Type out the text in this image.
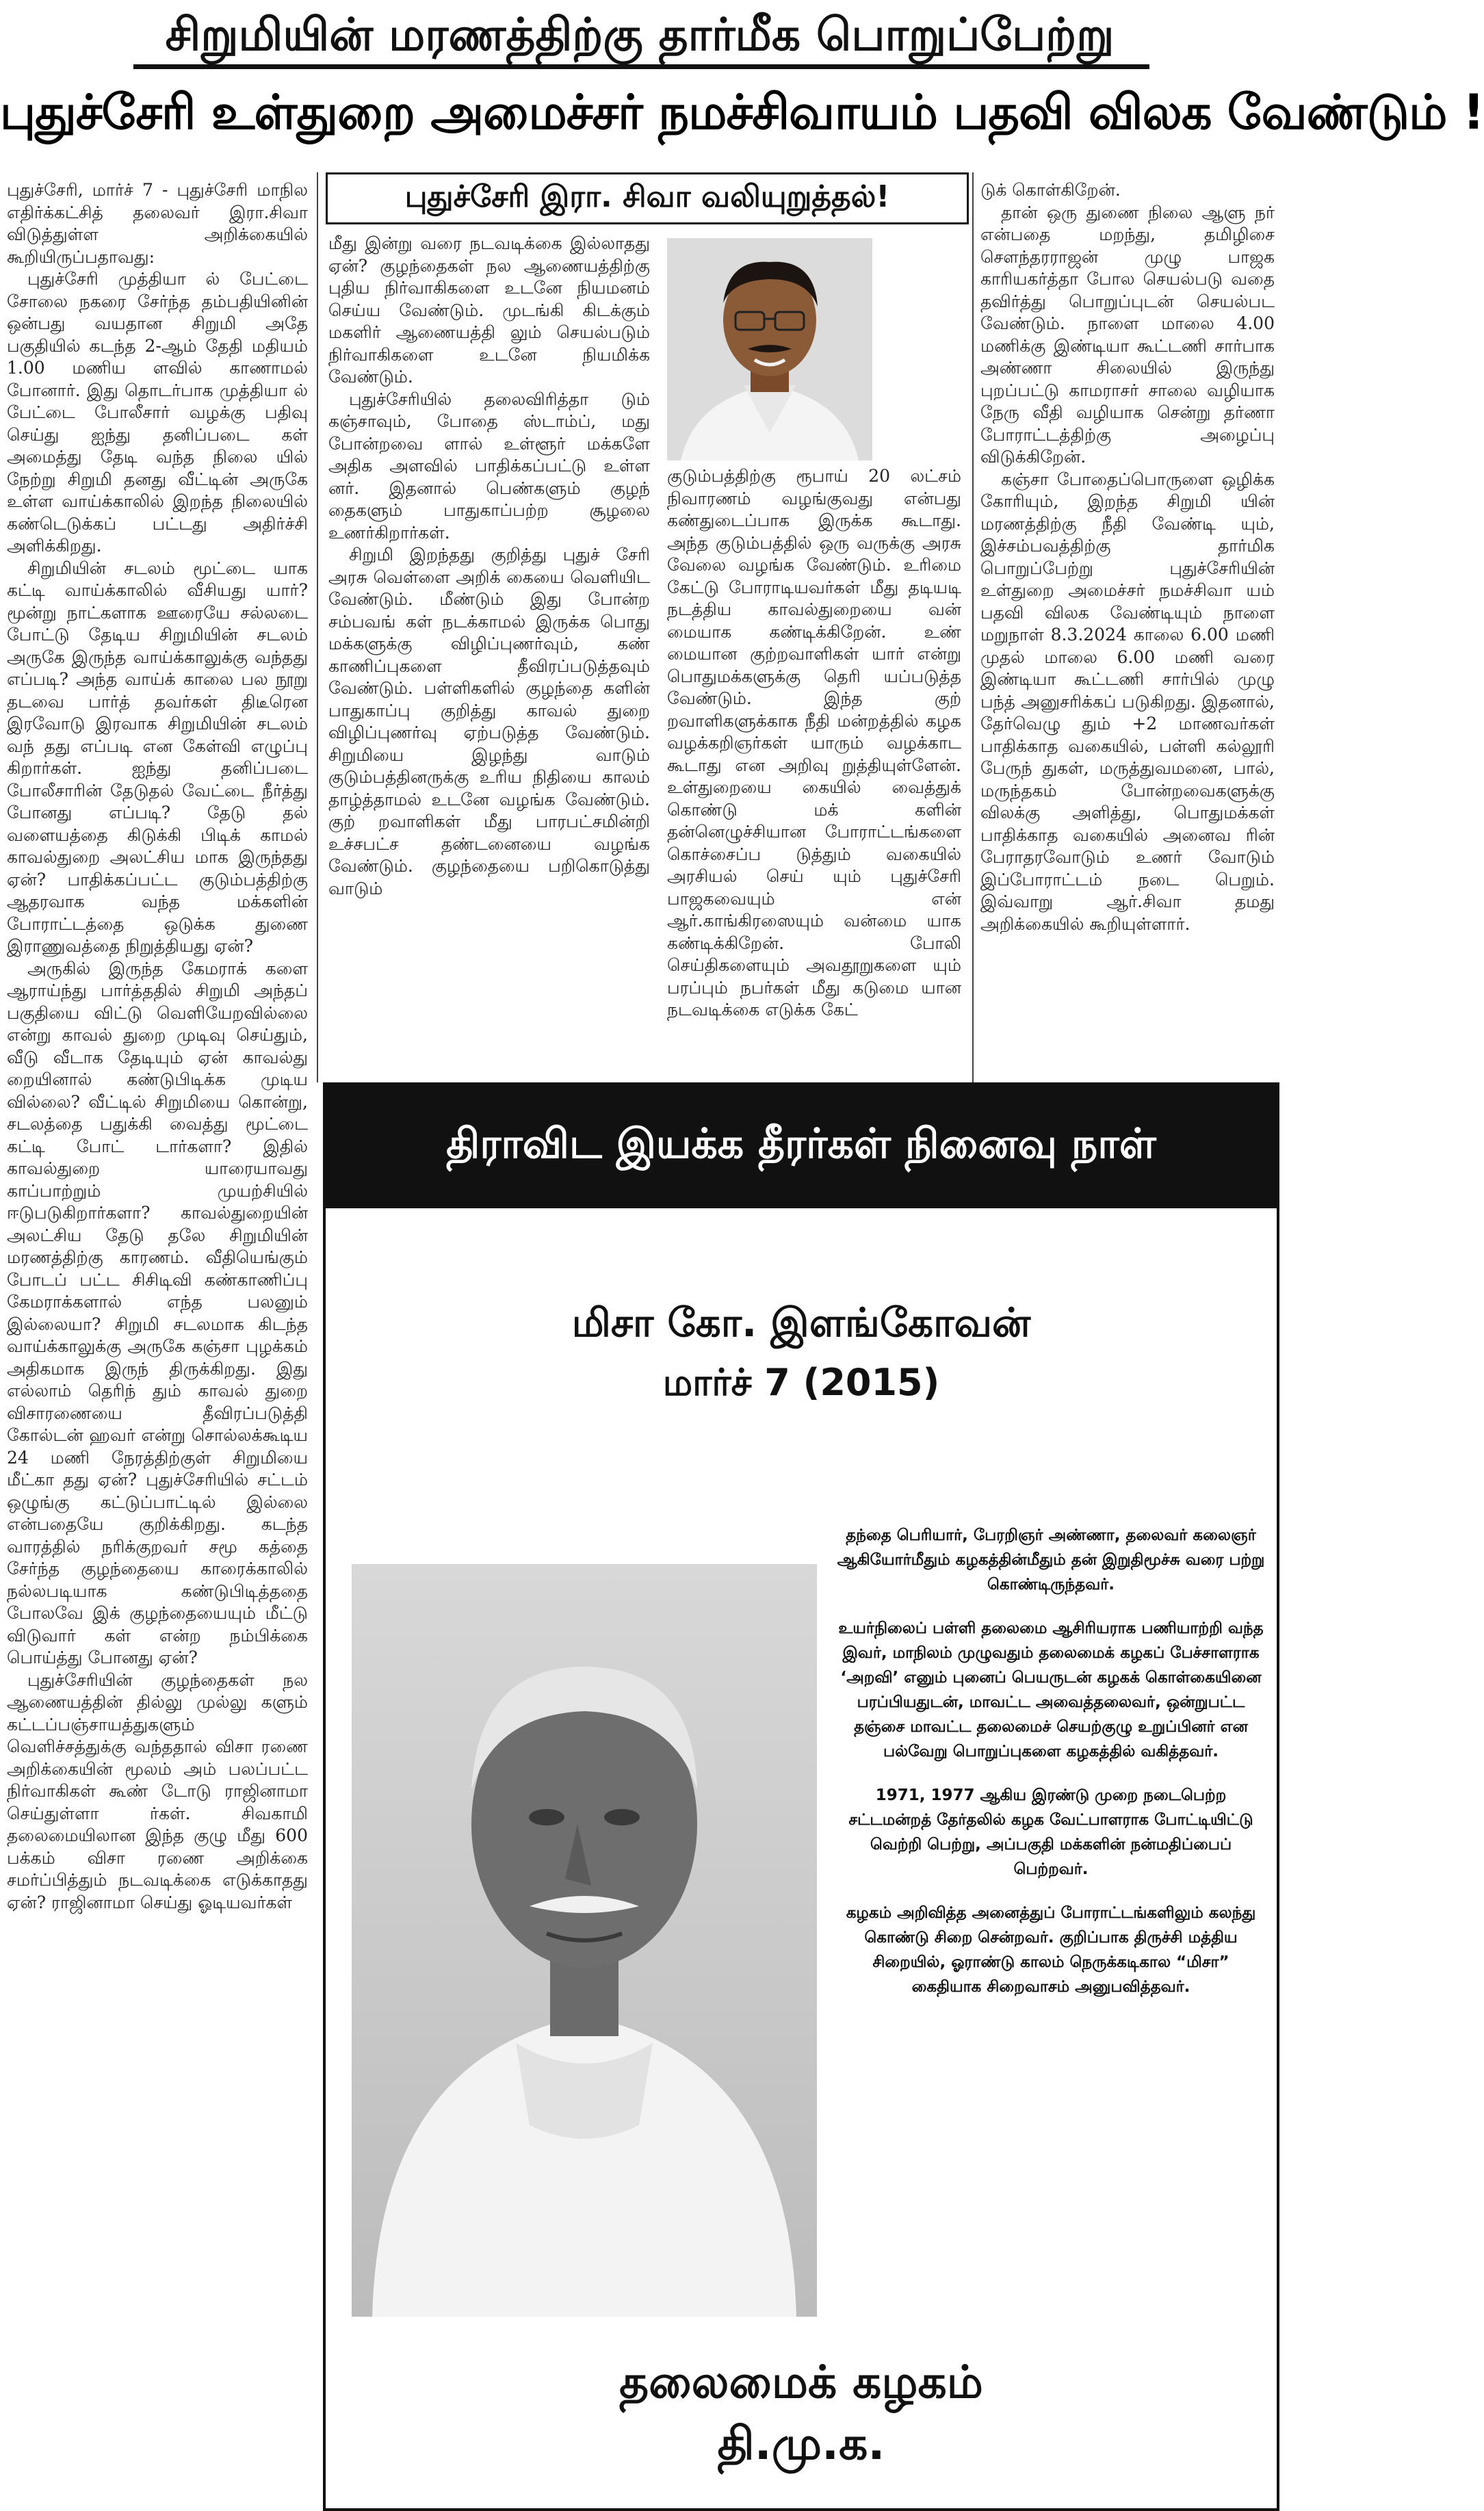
சிறுமியின் மரணத்திற்கு தார்மீக பொறுப்பேற்று
புதுச்சேரி உள்துறை அமைச்சர் நமச்சிவாயம் பதவி விலக வேண்டும் !
புதுச்சேரி இரா. சிவா வலியுறுத்தல்!

புதுச்சேரி, மார்ச் 7 - புதுச்சேரி மாநில எதிர்க்கட்சித் தலைவர் இரா.சிவா விடுத்துள்ள அறிக்கையில் கூறியிருப்பதாவது:

புதுச்சேரி முத்தியா ல் பேட்டை சோலை நகரை சேர்ந்த தம்பதியினின் ஒன்பது வயதான சிறுமி அதே பகுதியில் கடந்த 2-ஆம் தேதி மதியம் 1.00 மணிய ளவில் காணாமல் போனார். இது தொடர்பாக முத்தியா ல் பேட்டை போலீசார் வழக்கு பதிவு செய்து ஐந்து தனிப்படை கள் அமைத்து தேடி வந்த நிலை யில் நேற்று சிறுமி தனது வீட்டின் அருகே உள்ள வாய்க்காலில் இறந்த நிலையில் கண்டெடுக்கப் பட்டது அதிர்ச்சி அளிக்கிறது.

சிறுமியின் சடலம் மூட்டை யாக கட்டி வாய்க்காலில் வீசியது யார்? மூன்று நாட்களாக ஊரையே சல்லடை போட்டு தேடிய சிறுமியின் சடலம் அருகே இருந்த வாய்க்காலுக்கு வந்தது எப்படி? அந்த வாய்க் காலை பல நூறு தடவை பார்த் தவர்கள் திடீரென இரவோடு இரவாக சிறுமியின் சடலம் வந் தது எப்படி என கேள்வி எழுப்பு கிறார்கள். ஐந்து தனிப்படை போலீசாரின் தேடுதல் வேட்டை நீர்த்து போனது எப்படி? தேடு தல் வளையத்தை கிடுக்கி பிடிக் காமல் காவல்துறை அலட்சிய மாக இருந்தது ஏன்? பாதிக்கப்பட்ட குடும்பத்திற்கு ஆதரவாக வந்த மக்களின் போராட்டத்தை ஒடுக்க துணை இராணுவத்தை நிறுத்தியது ஏன்?

அருகில் இருந்த கேமராக் களை ஆராய்ந்து பார்த்ததில் சிறுமி அந்தப் பகுதியை விட்டு வெளியேறவில்லை என்று காவல் துறை முடிவு செய்தும், வீடு வீடாக தேடியும் ஏன் காவல்து றையினால் கண்டுபிடிக்க முடிய வில்லை? வீட்டில் சிறுமியை கொன்று, சடலத்தை பதுக்கி வைத்து மூட்டை கட்டி போட் டார்களா? இதில் காவல்துறை யாரையாவது காப்பாற்றும் முயற்சியில் ஈடுபடுகிறார்களா? காவல்துறையின் அலட்சிய தேடு தலே சிறுமியின் மரணத்திற்கு காரணம். வீதியெங்கும் போடப் பட்ட சிசிடிவி கண்காணிப்பு கேமராக்களால் எந்த பலனும் இல்லையா? சிறுமி சடலமாக கிடந்த வாய்க்காலுக்கு அருகே கஞ்சா புழக்கம் அதிகமாக இருந் திருக்கிறது. இது எல்லாம் தெரிந் தும் காவல் துறை விசாரணையை தீவிரப்படுத்தி கோல்டன் ஹவர் என்று சொல்லக்கூடிய 24 மணி நேரத்திற்குள் சிறுமியை மீட்கா தது ஏன்? புதுச்சேரியில் சட்டம் ஒழுங்கு கட்டுப்பாட்டில் இல்லை என்பதையே குறிக்கிறது. கடந்த வாரத்தில் நரிக்குறவர் சமூ கத்தை சேர்ந்த குழந்தையை காரைக்காலில் நல்லபடியாக கண்டுபிடித்ததை போலவே இக் குழந்தையையும் மீட்டு விடுவார் கள் என்ற நம்பிக்கை பொய்த்து போனது ஏன்?

புதுச்சேரியின் குழந்தைகள் நல ஆணையத்தின் தில்லு முல்லு களும் கட்டப்பஞ்சாயத்துகளும் வெளிச்சத்துக்கு வந்ததால் விசா ரணை அறிக்கையின் மூலம் அம் பலப்பட்ட நிர்வாகிகள் கூண் டோடு ராஜினாமா செய்துள்ளா ர்கள். சிவகாமி தலைமையிலான இந்த குழு மீது 600 பக்கம் விசா ரணை அறிக்கை சமர்ப்பித்தும் நடவடிக்கை எடுக்காதது ஏன்? ராஜினாமா செய்து ஓடியவர்கள்

மீது இன்று வரை நடவடிக்கை இல்லாதது ஏன்? குழந்தைகள் நல ஆணையத்திற்கு புதிய நிர்வாகிகளை உடனே நியமனம் செய்ய வேண்டும். முடங்கி கிடக்கும் மகளிர் ஆணையத்தி லும் செயல்படும் நிர்வாகிகளை உடனே நியமிக்க வேண்டும்.

புதுச்சேரியில் தலைவிரித்தா டும் கஞ்சாவும், போதை ஸ்டாம்ப், மது போன்றவை ளால் உள்ளூர் மக்களே அதிக அளவில் பாதிக்கப்பட்டு உள்ள னர். இதனால் பெண்களும் குழந் தைகளும் பாதுகாப்பற்ற சூழலை உணர்கிறார்கள்.

சிறுமி இறந்தது குறித்து புதுச் சேரி அரசு வெள்ளை அறிக் கையை வெளியிட வேண்டும். மீண்டும் இது போன்ற சம்பவங் கள் நடக்காமல் இருக்க பொது மக்களுக்கு விழிப்புணர்வும், கண் காணிப்புகளை தீவிரப்படுத்தவும் வேண்டும். பள்ளிகளில் குழந்தை களின் பாதுகாப்பு குறித்து காவல் துறை விழிப்புணர்வு ஏற்படுத்த வேண்டும். சிறுமியை இழந்து வாடும் குடும்பத்தினருக்கு உரிய நிதியை காலம் தாழ்த்தாமல் உடனே வழங்க வேண்டும். குற் றவாளிகள் மீது பாரபட்சமின்றி உச்சபட்ச தண்டனையை வழங்க வேண்டும். குழந்தையை பறிகொடுத்து வாடும்

குடும்பத்திற்கு ரூபாய் 20 லட்சம் நிவாரணம் வழங்குவது என்பது கண்துடைப்பாக இருக்க கூடாது. அந்த குடும்பத்தில் ஒரு வருக்கு அரசு வேலை வழங்க வேண்டும். உரிமை கேட்டு போராடியவர்கள் மீது தடியடி நடத்திய காவல்துறையை வன் மையாக கண்டிக்கிறேன். உண் மையான குற்றவாளிகள் யார் என்று பொதுமக்களுக்கு தெரி யப்படுத்த வேண்டும். இந்த குற் றவாளிகளுக்காக நீதி மன்றத்தில் கழக வழக்கறிஞர்கள் யாரும் வழக்காட கூடாது என அறிவு றுத்தியுள்ளேன். உள்துறையை கையில் வைத்துக் கொண்டு மக் களின் தன்னெழுச்சியான போராட்டங்களை கொச்சைப்ப டுத்தும் வகையில் அரசியல் செய் யும் புதுச்சேரி பாஜகவையும் என் ஆர்.காங்கிரஸையும் வன்மை யாக கண்டிக்கிறேன். போலி செய்திகளையும் அவதூறுகளை யும் பரப்பும் நபர்கள் மீது கடுமை யான நடவடிக்கை எடுக்க கேட்

டுக் கொள்கிறேன்.

தான் ஒரு துணை நிலை ஆளு நர் என்பதை மறந்து, தமிழிசை சௌந்தரராஜன் முழு பாஜக காரியகர்த்தா போல செயல்படு வதை தவிர்த்து பொறுப்புடன் செயல்பட வேண்டும். நாளை மாலை 4.00 மணிக்கு இண்டியா கூட்டணி சார்பாக அண்ணா சிலையில் இருந்து புறப்பட்டு காமராசர் சாலை வழியாக நேரு வீதி வழியாக சென்று தர்ணா போராட்டத்திற்கு அழைப்பு விடுக்கிறேன்.

கஞ்சா போதைப்பொருளை ஒழிக்க கோரியும், இறந்த சிறுமி யின் மரணத்திற்கு நீதி வேண்டி யும், இச்சம்பவத்திற்கு தார்மிக பொறுப்பேற்று புதுச்சேரியின் உள்துறை அமைச்சர் நமச்சிவா யம் பதவி விலக வேண்டியும் நாளை மறுநாள் 8.3.2024 காலை 6.00 மணி முதல் மாலை 6.00 மணி வரை இண்டியா கூட்டணி சார்பில் முழு பந்த் அனுசரிக்கப் படுகிறது. இதனால், தேர்வெழு தும் +2 மாணவர்கள் பாதிக்காத வகையில், பள்ளி கல்லூரி பேருந் துகள், மருத்துவமனை, பால், மருந்தகம் போன்றவைகளுக்கு விலக்கு அளித்து, பொதுமக்கள் பாதிக்காத வகையில் அனைவ ரின் பேராதரவோடும் உணர் வோடும் இப்போராட்டம் நடை பெறும். இவ்வாறு ஆர்.சிவா தமது அறிக்கையில் கூறியுள்ளார்.

திராவிட இயக்க தீரர்கள் நினைவு நாள்
மிசா கோ. இளங்கோவன்
மார்ச் 7 (2015)

தந்தை பெரியார், பேரறிஞர் அண்ணா, தலைவர் கலைஞர் ஆகியோர்மீதும் கழகத்தின்மீதும் தன் இறுதிமூச்சு வரை பற்று கொண்டிருந்தவர்.

உயர்நிலைப் பள்ளி தலைமை ஆசிரியராக பணியாற்றி வந்த இவர், மாநிலம் முழுவதும் தலைமைக் கழகப் பேச்சாளராக ‘அறவி’ எனும் புனைப் பெயருடன் கழகக் கொள்கையினை பரப்பியதுடன், மாவட்ட அவைத்தலைவர், ஒன்றுபட்ட தஞ்சை மாவட்ட தலைமைச் செயற்குழு உறுப்பினர் என பல்வேறு பொறுப்புகளை கழகத்தில் வகித்தவர்.

1971, 1977 ஆகிய இரண்டு முறை நடைபெற்ற சட்டமன்றத் தேர்தலில் கழக வேட்பாளராக போட்டியிட்டு வெற்றி பெற்று, அப்பகுதி மக்களின் நன்மதிப்பைப் பெற்றவர்.

கழகம் அறிவித்த அனைத்துப் போராட்டங்களிலும் கலந்து கொண்டு சிறை சென்றவர். குறிப்பாக திருச்சி மத்திய சிறையில், ஓராண்டு காலம் நெருக்கடிகால “மிசா” கைதியாக சிறைவாசம் அனுபவித்தவர்.

தலைமைக் கழகம்
தி.மு.க.
